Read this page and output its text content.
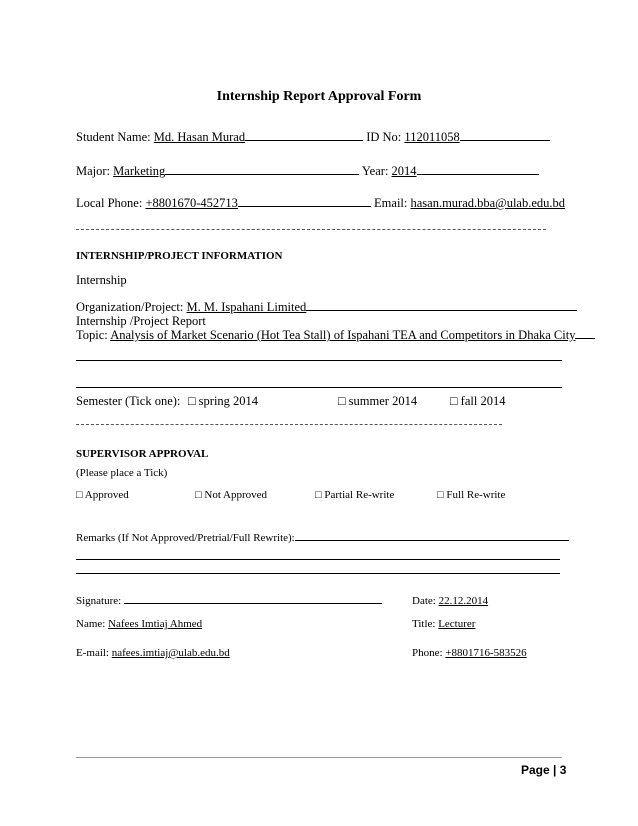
Internship Report Approval Form
Student Name: Md. Hasan Murad	ID No: 112011058
Major: Marketing	Year: 2014
Local Phone: +8801670-452713	Email: hasan.murad.bba@ulab.edu.bd
INTERNSHIP/PROJECT INFORMATION
Internship
Organization/Project: M. M. Ispahani Limited
Internship /Project Report
Topic: Analysis of Market Scenario (Hot Tea Stall) of Ispahani TEA and Competitors in Dhaka City
Semester (Tick one): □ spring 2014	□ summer 2014	□ fall 2014
SUPERVISOR APPROVAL
(Please place a Tick)
□ Approved	□ Not Approved	□ Partial Re-write	□ Full Re-write
Remarks (If Not Approved/Pretrial/Full Rewrite):
Signature:	Date: 22.12.2014
Name: Nafees Imtiaj Ahmed	Title: Lecturer
E-mail: nafees.imtiaj@ulab.edu.bd	Phone: +8801716-583526
Page | 3
